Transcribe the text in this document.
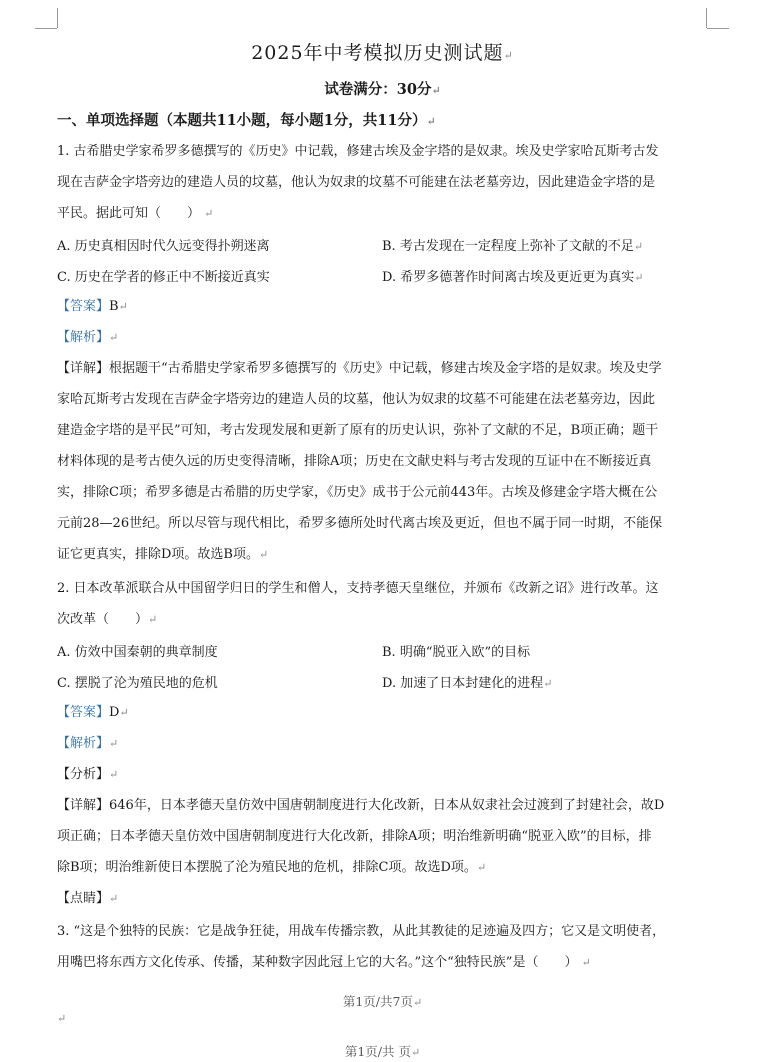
2025年中考模拟历史测试题↵
试卷满分：30分↵
一、单项选择题（本题共11小题，每小题1分，共11分）↵
1. 古希腊史学家希罗多德撰写的《历史》中记载，修建古埃及金字塔的是奴隶。埃及史学家哈瓦斯考古发
现在吉萨金字塔旁边的建造人员的坟墓，他认为奴隶的坟墓不可能建在法老墓旁边，因此建造金字塔的是
平民。据此可知（　　） ↵
A. 历史真相因时代久远变得扑朔迷离	B. 考古发现在一定程度上弥补了文献的不足↵
C. 历史在学者的修正中不断接近真实	D. 希罗多德著作时间离古埃及更近更为真实↵
【答案】B↵
【解析】↵
【详解】根据题干“古希腊史学家希罗多德撰写的《历史》中记载，修建古埃及金字塔的是奴隶。埃及史学
家哈瓦斯考古发现在吉萨金字塔旁边的建造人员的坟墓，他认为奴隶的坟墓不可能建在法老墓旁边，因此
建造金字塔的是平民”可知，考古发现发展和更新了原有的历史认识，弥补了文献的不足，B项正确；题干
材料体现的是考古使久远的历史变得清晰，排除A项；历史在文献史料与考古发现的互证中在不断接近真
实，排除C项；希罗多德是古希腊的历史学家，《历史》成书于公元前443年。古埃及修建金字塔大概在公
元前28—26世纪。所以尽管与现代相比，希罗多德所处时代离古埃及更近，但也不属于同一时期，不能保
证它更真实，排除D项。故选B项。↵
2. 日本改革派联合从中国留学归日的学生和僧人，支持孝德天皇继位，并颁布《改新之诏》进行改革。这
次改革（　　）↵
A. 仿效中国秦朝的典章制度	B. 明确“脱亚入欧”的目标
C. 摆脱了沦为殖民地的危机	D. 加速了日本封建化的进程↵
【答案】D↵
【解析】↵
【分析】↵
【详解】646年，日本孝德天皇仿效中国唐朝制度进行大化改新，日本从奴隶社会过渡到了封建社会，故D
项正确；日本孝德天皇仿效中国唐朝制度进行大化改新，排除A项；明治维新明确“脱亚入欧”的目标，排
除B项；明治维新使日本摆脱了沦为殖民地的危机，排除C项。故选D项。↵
【点睛】↵
3. “这是个独特的民族：它是战争狂徒，用战车传播宗教，从此其教徒的足迹遍及四方；它又是文明使者，
用嘴巴将东西方文化传承、传播，某种数字因此冠上它的大名。”这个“独特民族”是（　　） ↵
第1页/共7页↵
↵
第1页/共 页↵
